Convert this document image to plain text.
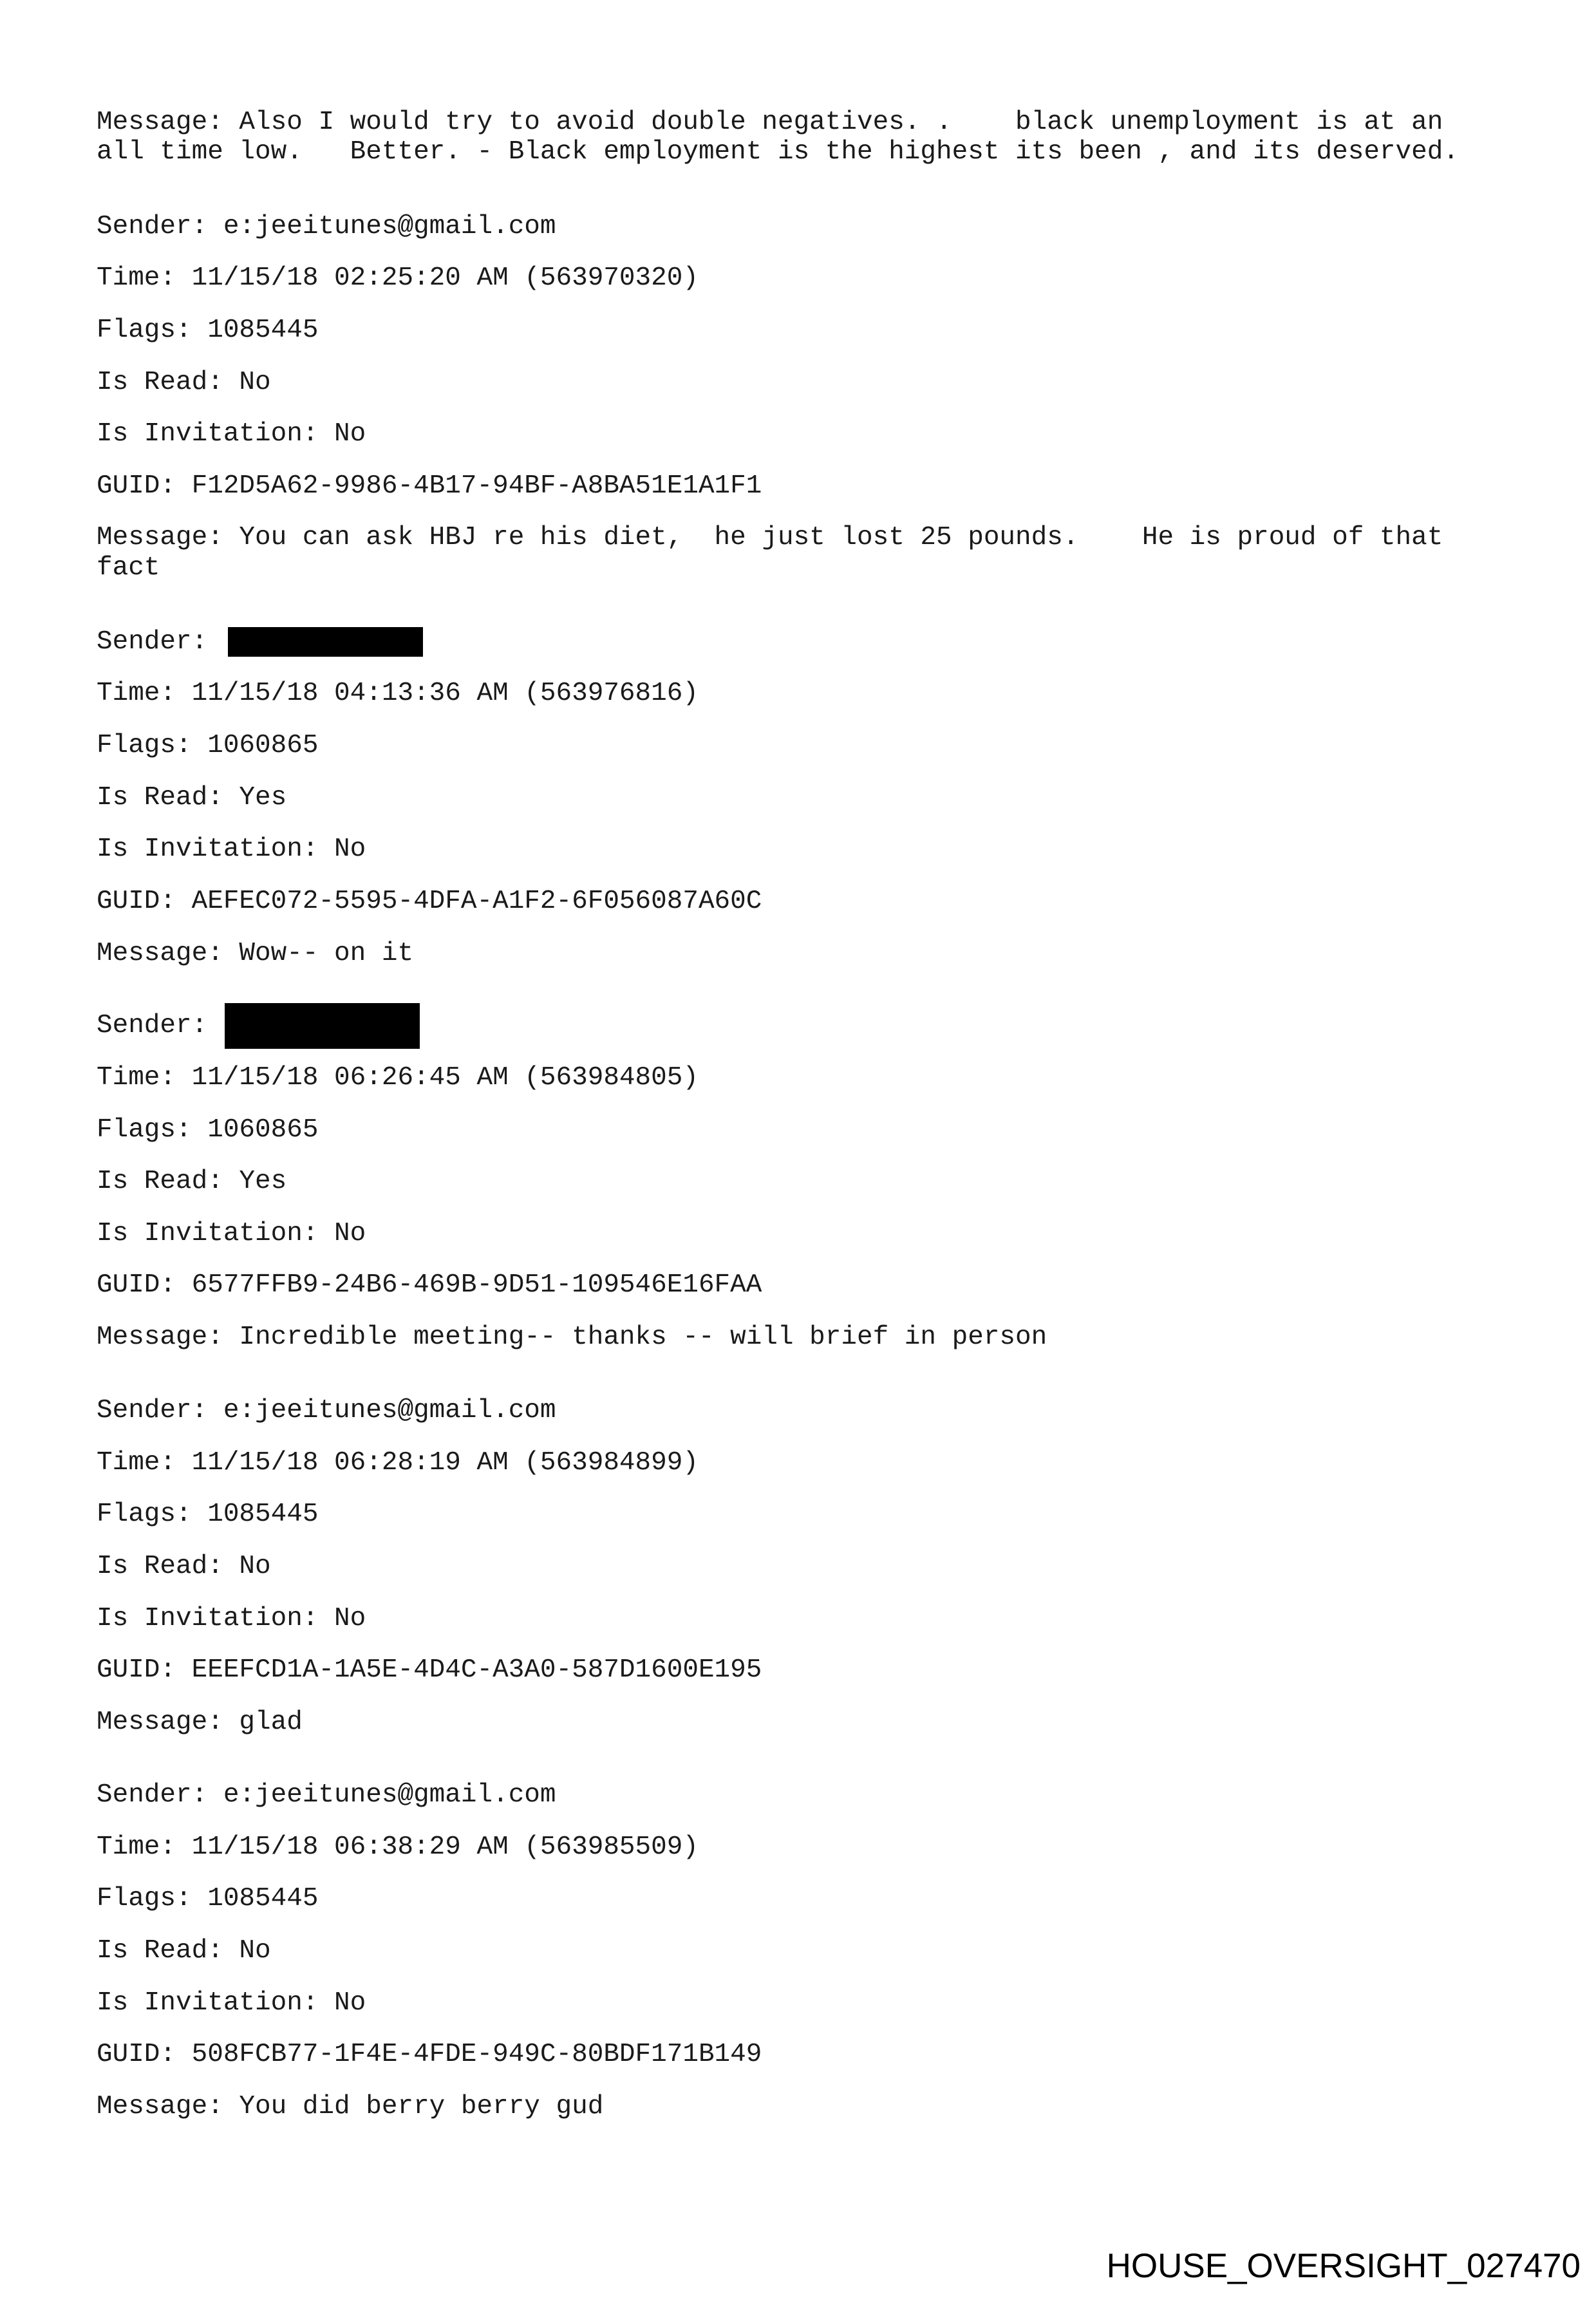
Message: Also I would try to avoid double negatives. .    black unemployment is at an

all time low.   Better. - Black employment is the highest its been , and its deserved.

Sender: e:jeeitunes@gmail.com

Time: 11/15/18 02:25:20 AM (563970320)

Flags: 1085445

Is Read: No

Is Invitation: No

GUID: F12D5A62-9986-4B17-94BF-A8BA51E1A1F1

Message: You can ask HBJ re his diet,  he just lost 25 pounds.    He is proud of that

fact

Sender:

Time: 11/15/18 04:13:36 AM (563976816)

Flags: 1060865

Is Read: Yes

Is Invitation: No

GUID: AEFEC072-5595-4DFA-A1F2-6F056087A60C

Message: Wow-- on it

Sender:

Time: 11/15/18 06:26:45 AM (563984805)

Flags: 1060865

Is Read: Yes

Is Invitation: No

GUID: 6577FFB9-24B6-469B-9D51-109546E16FAA

Message: Incredible meeting-- thanks -- will brief in person

Sender: e:jeeitunes@gmail.com

Time: 11/15/18 06:28:19 AM (563984899)

Flags: 1085445

Is Read: No

Is Invitation: No

GUID: EEEFCD1A-1A5E-4D4C-A3A0-587D1600E195

Message: glad

Sender: e:jeeitunes@gmail.com

Time: 11/15/18 06:38:29 AM (563985509)

Flags: 1085445

Is Read: No

Is Invitation: No

GUID: 508FCB77-1F4E-4FDE-949C-80BDF171B149

Message: You did berry berry gud

HOUSE_OVERSIGHT_027470
